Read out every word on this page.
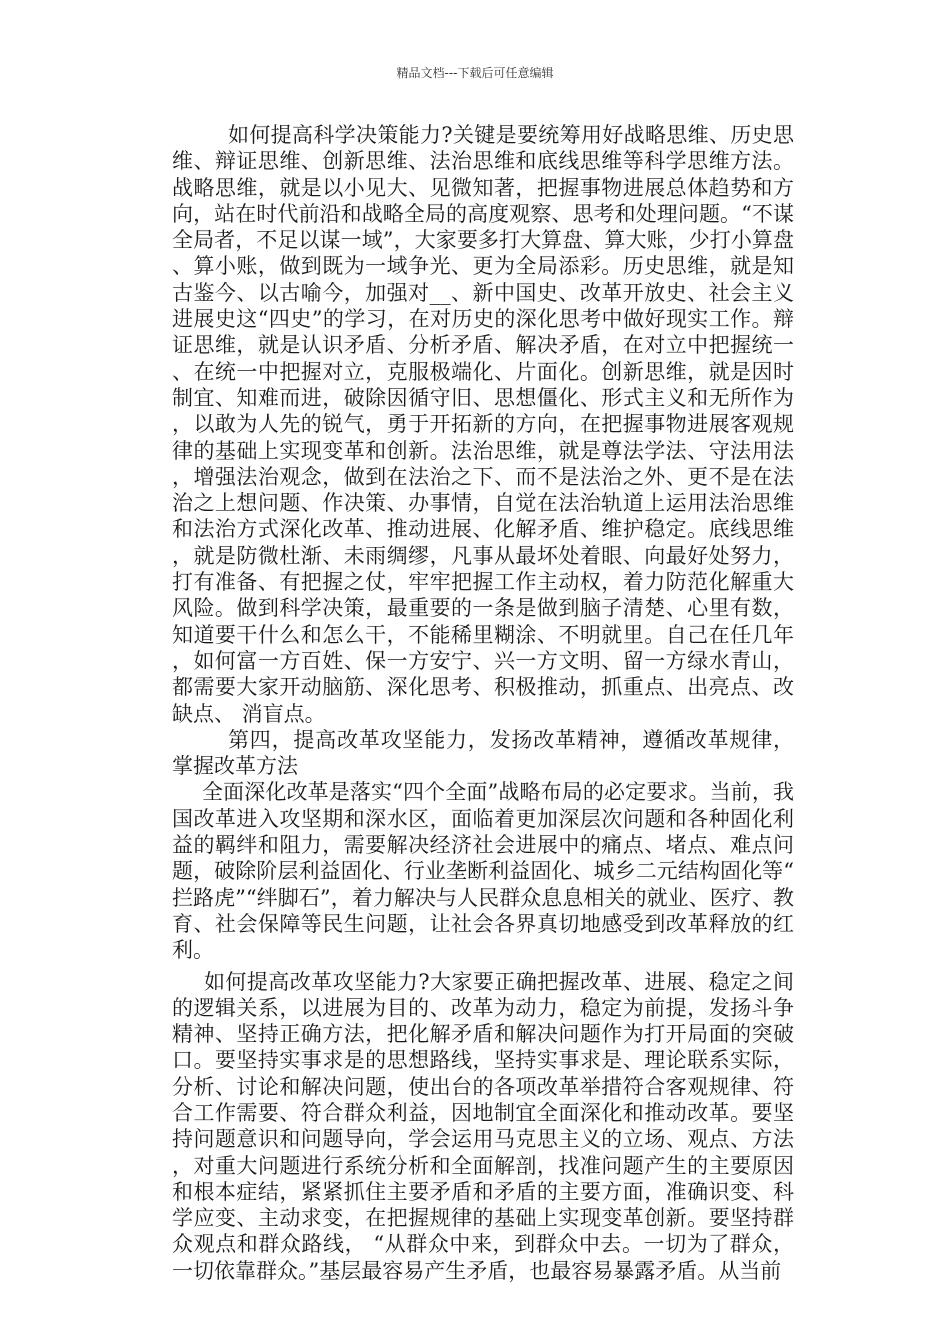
精品文档---下载后可任意编辑

如何提高科学决策能力?关键是要统筹用好战略思维、历史思维、辩证思维、创新思维、法治思维和底线思维等科学思维方法。战略思维，就是以小见大、见微知著，把握事物进展总体趋势和方向，站在时代前沿和战略全局的高度观察、思考和处理问题。“不谋全局者，不足以谋一域”，大家要多打大算盘、算大账，少打小算盘、算小账，做到既为一域争光、更为全局添彩。历史思维，就是知古鉴今、以古喻今，加强对__、新中国史、改革开放史、社会主义进展史这“四史”的学习，在对历史的深化思考中做好现实工作。辩证思维，就是认识矛盾、分析矛盾、解决矛盾，在对立中把握统一、在统一中把握对立，克服极端化、片面化。创新思维，就是因时制宜、知难而进，破除因循守旧、思想僵化、形式主义和无所作为，以敢为人先的锐气，勇于开拓新的方向，在把握事物进展客观规律的基础上实现变革和创新。法治思维，就是尊法学法、守法用法，增强法治观念，做到在法治之下、而不是法治之外、更不是在法治之上想问题、作决策、办事情，自觉在法治轨道上运用法治思维和法治方式深化改革、推动进展、化解矛盾、维护稳定。底线思维，就是防微杜渐、未雨绸缪，凡事从最坏处着眼、向最好处努力，打有准备、有把握之仗，牢牢把握工作主动权，着力防范化解重大风险。做到科学决策，最重要的一条是做到脑子清楚、心里有数，知道要干什么和怎么干，不能稀里糊涂、不明就里。自己在任几年，如何富一方百姓、保一方安宁、兴一方文明、留一方绿水青山，都需要大家开动脑筋、深化思考、积极推动，抓重点、出亮点、改缺点、 消盲点。

第四，提高改革攻坚能力，发扬改革精神，遵循改革规律，掌握改革方法

全面深化改革是落实“四个全面”战略布局的必定要求。当前，我国改革进入攻坚期和深水区，面临着更加深层次问题和各种固化利益的羁绊和阻力，需要解决经济社会进展中的痛点、堵点、难点问题，破除阶层利益固化、行业垄断利益固化、城乡二元结构固化等“拦路虎”“绊脚石”，着力解决与人民群众息息相关的就业、医疗、教育、社会保障等民生问题，让社会各界真切地感受到改革释放的红利。

如何提高改革攻坚能力?大家要正确把握改革、进展、稳定之间的逻辑关系，以进展为目的、改革为动力，稳定为前提，发扬斗争精神、坚持正确方法，把化解矛盾和解决问题作为打开局面的突破口。要坚持实事求是的思想路线，坚持实事求是、理论联系实际，分析、讨论和解决问题，使出台的各项改革举措符合客观规律、符合工作需要、符合群众利益，因地制宜全面深化和推动改革。要坚持问题意识和问题导向，学会运用马克思主义的立场、观点、方法，对重大问题进行系统分析和全面解剖，找准问题产生的主要原因和根本症结，紧紧抓住主要矛盾和矛盾的主要方面，准确识变、科学应变、主动求变，在把握规律的基础上实现变革创新。要坚持群众观点和群众路线， “从群众中来，到群众中去。一切为了群众，一切依靠群众。”基层最容易产生矛盾，也最容易暴露矛盾。从当前
